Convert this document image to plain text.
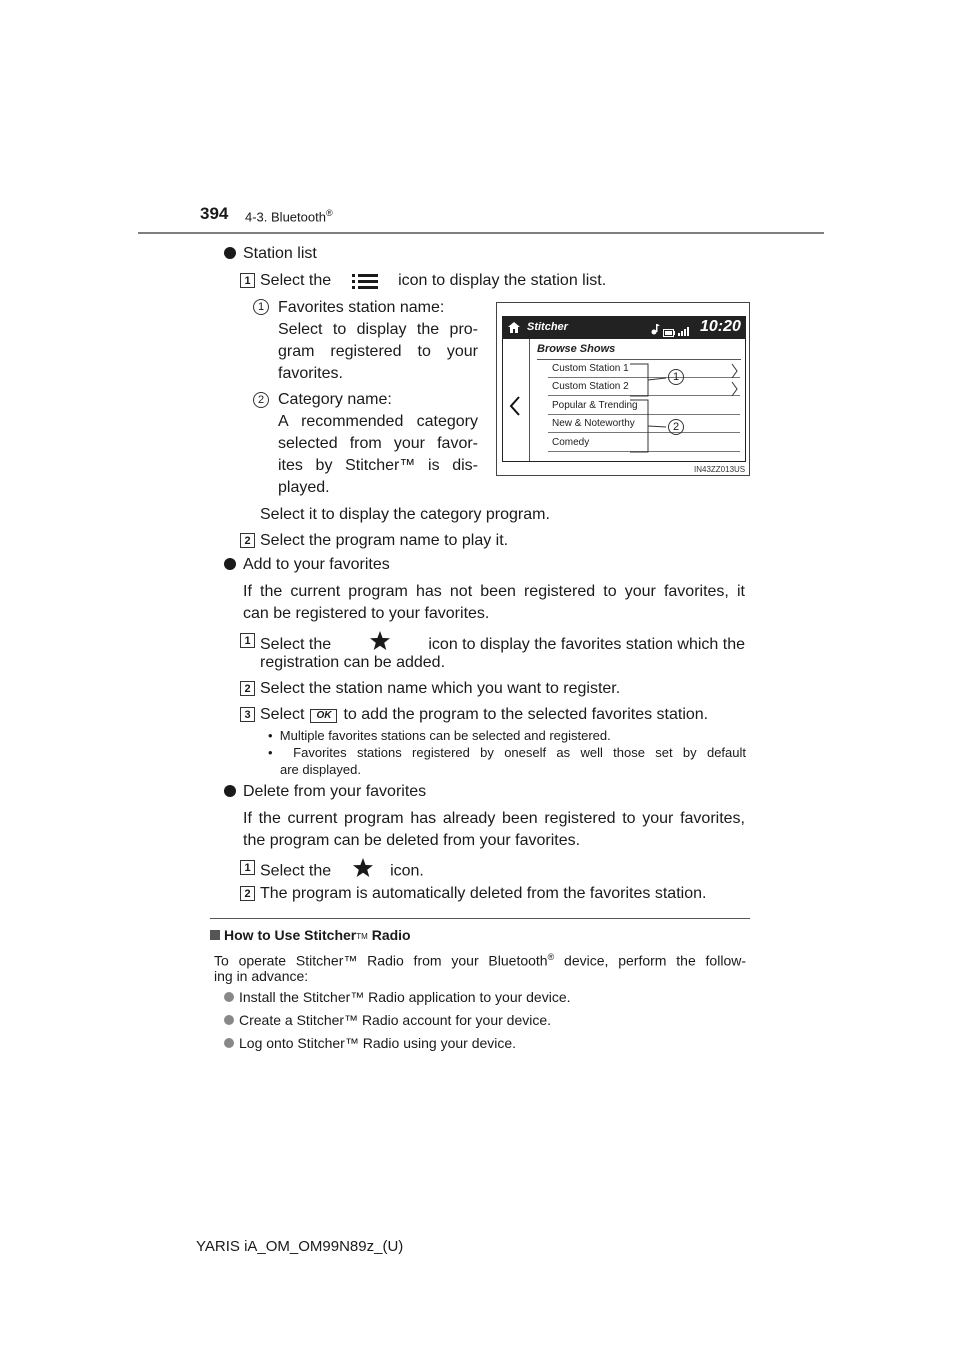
394 4-3. Bluetooth®
Station list
1 Select the	icon to display the station list.
1 Favorites station name:
Select to display the pro-
gram registered to your
favorites.
2 Category name:
A recommended category
selected from your favor-
ites by Stitcher™ is dis-
played.
Select it to display the category program.
2 Select the program name to play it.
Stitcher	10:20
Browse Shows
Custom Station 1
Custom Station 2
Popular & Trending
New & Noteworthy
Comedy
1
2
IN43ZZ013US
Add to your favorites
If the current program has not been registered to your favorites, it
can be registered to your favorites.
1 Select the	icon to display the favorites station which the
registration can be added.
2 Select the station name which you want to register.
3 Select OK to add the program to the selected favorites station.
•  Multiple favorites stations can be selected and registered.
•  Favorites stations registered by oneself as well those set by default
are displayed.
Delete from your favorites
If the current program has already been registered to your favorites,
the program can be deleted from your favorites.
1 Select the	icon.
2 The program is automatically deleted from the favorites station.
How to Use StitcherTM Radio
To operate Stitcher™ Radio from your Bluetooth® device, perform the follow-
ing in advance:
Install the Stitcher™ Radio application to your device.
Create a Stitcher™ Radio account for your device.
Log onto Stitcher™ Radio using your device.
YARIS iA_OM_OM99N89z_(U)
